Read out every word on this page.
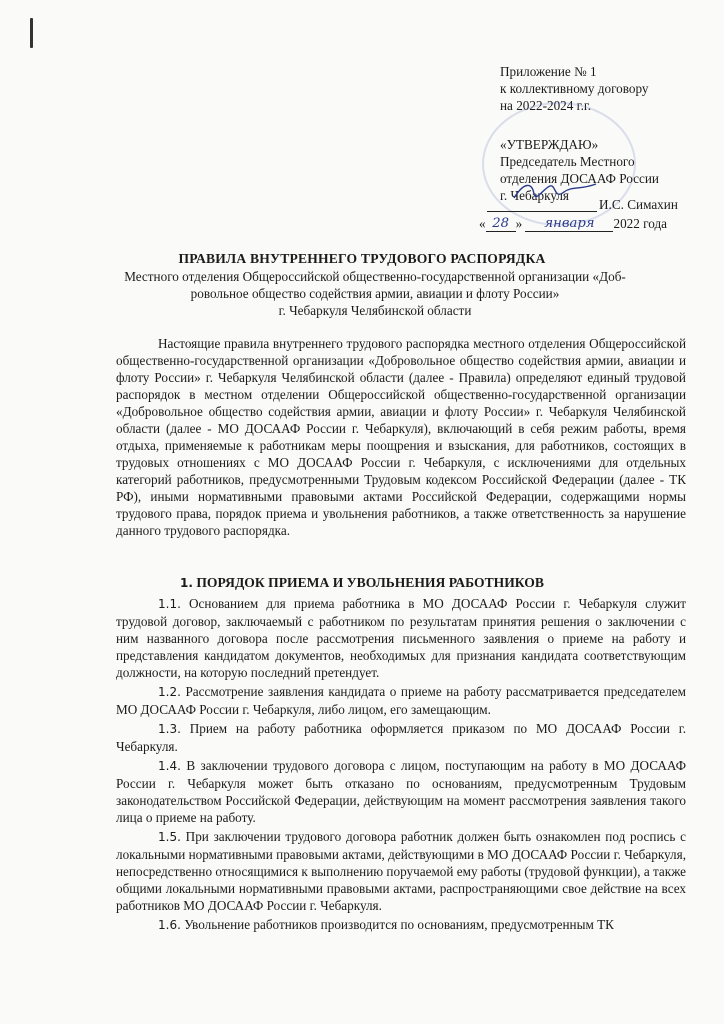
Приложение № 1
к коллективному договору
на 2022-2024 г.г.
«УТВЕРЖДАЮ»
Председатель Местного
отделения ДОСААФ России
г. Чебаркуля
И.С. Симахин
« 28 » января 2022 года
ПРАВИЛА ВНУТРЕННЕГО ТРУДОВОГО РАСПОРЯДКА
Местного отделения Общероссийской общественно-государственной организации «Доб-
ровольное общество содействия армии, авиации и флоту России»
г. Чебаркуля Челябинской области

Настоящие правила внутреннего трудового распорядка местного отделения Общероссийской общественно-государственной организации «Добровольное общество содействия армии, авиации и флоту России» г. Чебаркуля Челябинской области (далее - Правила) определяют единый трудовой распорядок в местном отделении Общероссийской общественно-государственной организации «Добровольное общество содействия армии, авиации и флоту России» г. Чебаркуля Челябинской области (далее - МО ДОСААФ России г. Чебаркуля), включающий в себя режим работы, время отдыха, применяемые к работникам меры поощрения и взыскания, для работников, состоящих в трудовых отношениях с МО ДОСААФ России г. Чебаркуля, с исключениями для отдельных категорий работников, предусмотренными Трудовым кодексом Российской Федерации (далее - ТК РФ), иными нормативными правовыми актами Российской Федерации, содержащими нормы трудового права, порядок приема и увольнения работников, а также ответственность за нарушение данного трудового распорядка.

1. ПОРЯДОК ПРИЕМА И УВОЛЬНЕНИЯ РАБОТНИКОВ

1.1. Основанием для приема работника в МО ДОСААФ России г. Чебаркуля служит трудовой договор, заключаемый с работником по результатам принятия решения о заключении с ним названного договора после рассмотрения письменного заявления о приеме на работу и представления кандидатом документов, необходимых для признания кандидата соответствующим должности, на которую последний претендует.

1.2. Рассмотрение заявления кандидата о приеме на работу рассматривается председателем МО ДОСААФ России г. Чебаркуля, либо лицом, его замещающим.

1.3. Прием на работу работника оформляется приказом по МО ДОСААФ России г. Чебаркуля.

1.4. В заключении трудового договора с лицом, поступающим на работу в МО ДОСААФ России г. Чебаркуля может быть отказано по основаниям, предусмотренным Трудовым законодательством Российской Федерации, действующим на момент рассмотрения заявления такого лица о приеме на работу.

1.5. При заключении трудового договора работник должен быть ознакомлен под роспись с локальными нормативными правовыми актами, действующими в МО ДОСААФ России г. Чебаркуля, непосредственно относящимися к выполнению поручаемой ему работы (трудовой функции), а также общими локальными нормативными правовыми актами, распространяющими свое действие на всех работников МО ДОСААФ России г. Чебаркуля.

1.6. Увольнение работников производится по основаниям, предусмотренным ТК
